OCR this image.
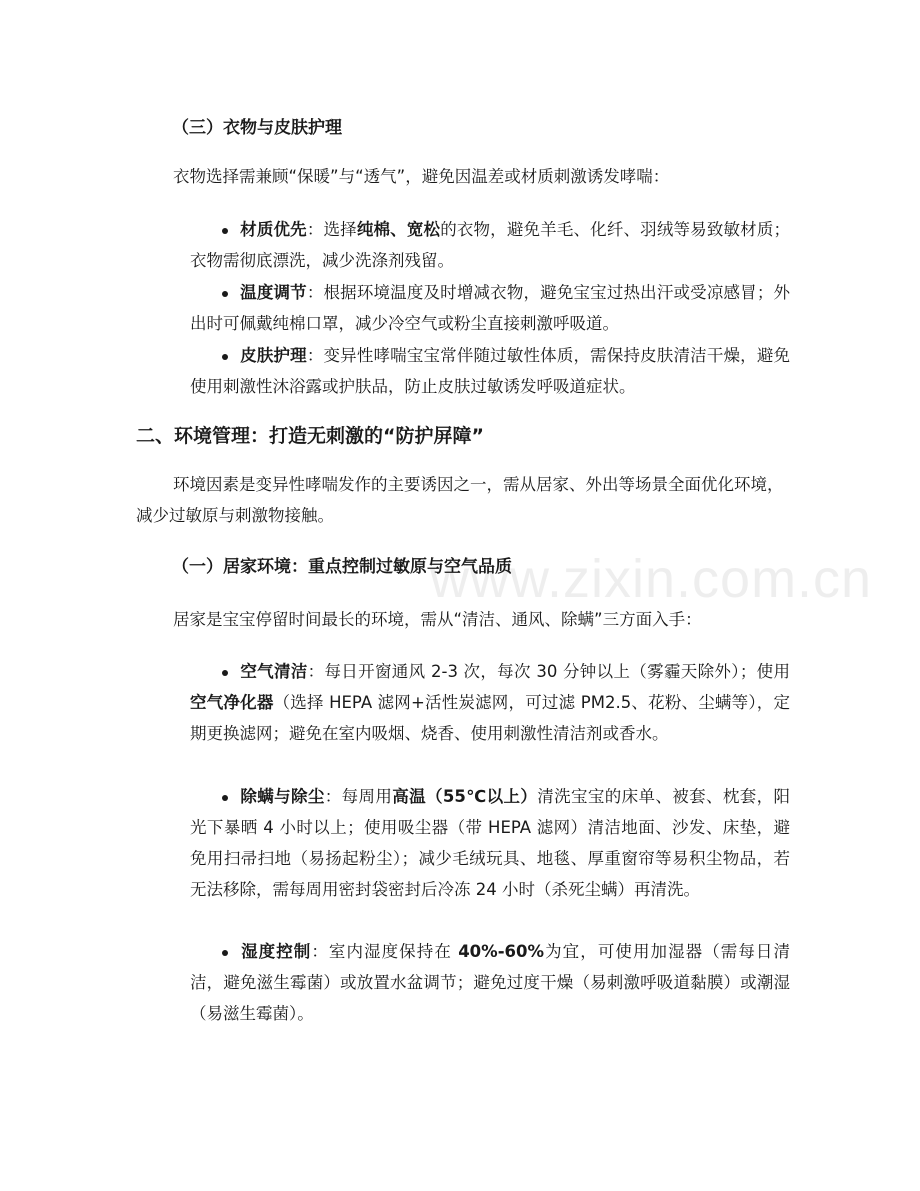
（三）衣物与皮肤护理
衣物选择需兼顾“保暖”与“透气”，避免因温差或材质刺激诱发哮喘：
材质优先：选择纯棉、宽松的衣物，避免羊毛、化纤、羽绒等易致敏材质；衣物需彻底漂洗，减少洗涤剂残留。
温度调节：根据环境温度及时增减衣物，避免宝宝过热出汗或受凉感冒；外出时可佩戴纯棉口罩，减少冷空气或粉尘直接刺激呼吸道。
皮肤护理：变异性哮喘宝宝常伴随过敏性体质，需保持皮肤清洁干燥，避免使用刺激性沐浴露或护肤品，防止皮肤过敏诱发呼吸道症状。
二、环境管理：打造无刺激的“防护屏障”
环境因素是变异性哮喘发作的主要诱因之一，需从居家、外出等场景全面优化环境，减少过敏原与刺激物接触。
www.zixin.com.cn
（一）居家环境：重点控制过敏原与空气品质
居家是宝宝停留时间最长的环境，需从“清洁、通风、除螨”三方面入手：
空气清洁：每日开窗通风 2-3 次，每次 30 分钟以上（雾霾天除外）；使用空气净化器（选择 HEPA 滤网+活性炭滤网，可过滤 PM2.5、花粉、尘螨等），定期更换滤网；避免在室内吸烟、烧香、使用刺激性清洁剂或香水。
除螨与除尘：每周用高温（55℃以上）清洗宝宝的床单、被套、枕套，阳光下暴晒 4 小时以上；使用吸尘器（带 HEPA 滤网）清洁地面、沙发、床垫，避免用扫帚扫地（易扬起粉尘）；减少毛绒玩具、地毯、厚重窗帘等易积尘物品，若无法移除，需每周用密封袋密封后冷冻 24 小时（杀死尘螨）再清洗。
湿度控制：室内湿度保持在 40%-60%为宜，可使用加湿器（需每日清洁，避免滋生霉菌）或放置水盆调节；避免过度干燥（易刺激呼吸道黏膜）或潮湿（易滋生霉菌）。
